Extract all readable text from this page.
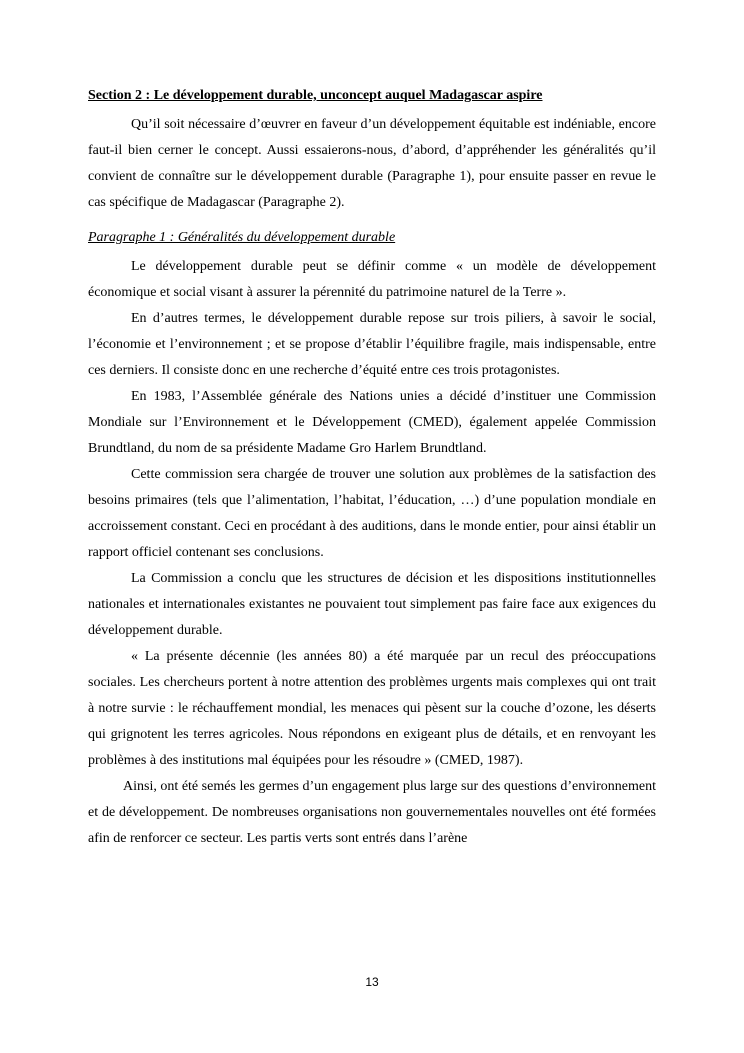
Section 2 : Le développement durable, unconcept auquel Madagascar aspire

Qu’il soit nécessaire d’œuvrer en faveur d’un développement équitable est indéniable, encore faut-il bien cerner le concept. Aussi essaierons-nous, d’abord, d’appréhender les généralités qu’il convient de connaître sur le développement durable (Paragraphe 1), pour ensuite passer en revue le cas spécifique de Madagascar (Paragraphe 2).

Paragraphe 1 : Généralités du développement durable

Le développement durable peut se définir comme « un modèle de développement économique et social visant à assurer la pérennité du patrimoine naturel de la Terre ».

En d’autres termes, le développement durable repose sur trois piliers, à savoir le social, l’économie et l’environnement ; et se propose d’établir l’équilibre fragile, mais indispensable, entre ces derniers. Il consiste donc en une recherche d’équité entre ces trois protagonistes.

En 1983, l’Assemblée générale des Nations unies a décidé d’instituer une Commission Mondiale sur l’Environnement et le Développement (CMED), également appelée Commission Brundtland, du nom de sa présidente Madame Gro Harlem Brundtland.

Cette commission sera chargée de trouver une solution aux problèmes de la satisfaction des besoins primaires (tels que l’alimentation, l’habitat, l’éducation, …) d’une population mondiale en accroissement constant. Ceci en procédant à des auditions, dans le monde entier, pour ainsi établir un rapport officiel contenant ses conclusions.

La Commission a conclu que les structures de décision et les dispositions institutionnelles nationales et internationales existantes ne pouvaient tout simplement pas faire face aux exigences du développement durable.

« La présente décennie (les années 80) a été marquée par un recul des préoccupations sociales. Les chercheurs portent à notre attention des problèmes urgents mais complexes qui ont trait à notre survie : le réchauffement mondial, les menaces qui pèsent sur la couche d’ozone, les déserts qui grignotent les terres agricoles. Nous répondons en exigeant plus de détails, et en renvoyant les problèmes à des institutions mal équipées pour les résoudre » (CMED, 1987).

Ainsi, ont été semés les germes d’un engagement plus large sur des questions d’environnement et de développement. De nombreuses organisations non gouvernementales nouvelles ont été formées afin de renforcer ce secteur. Les partis verts sont entrés dans l’arène

13
